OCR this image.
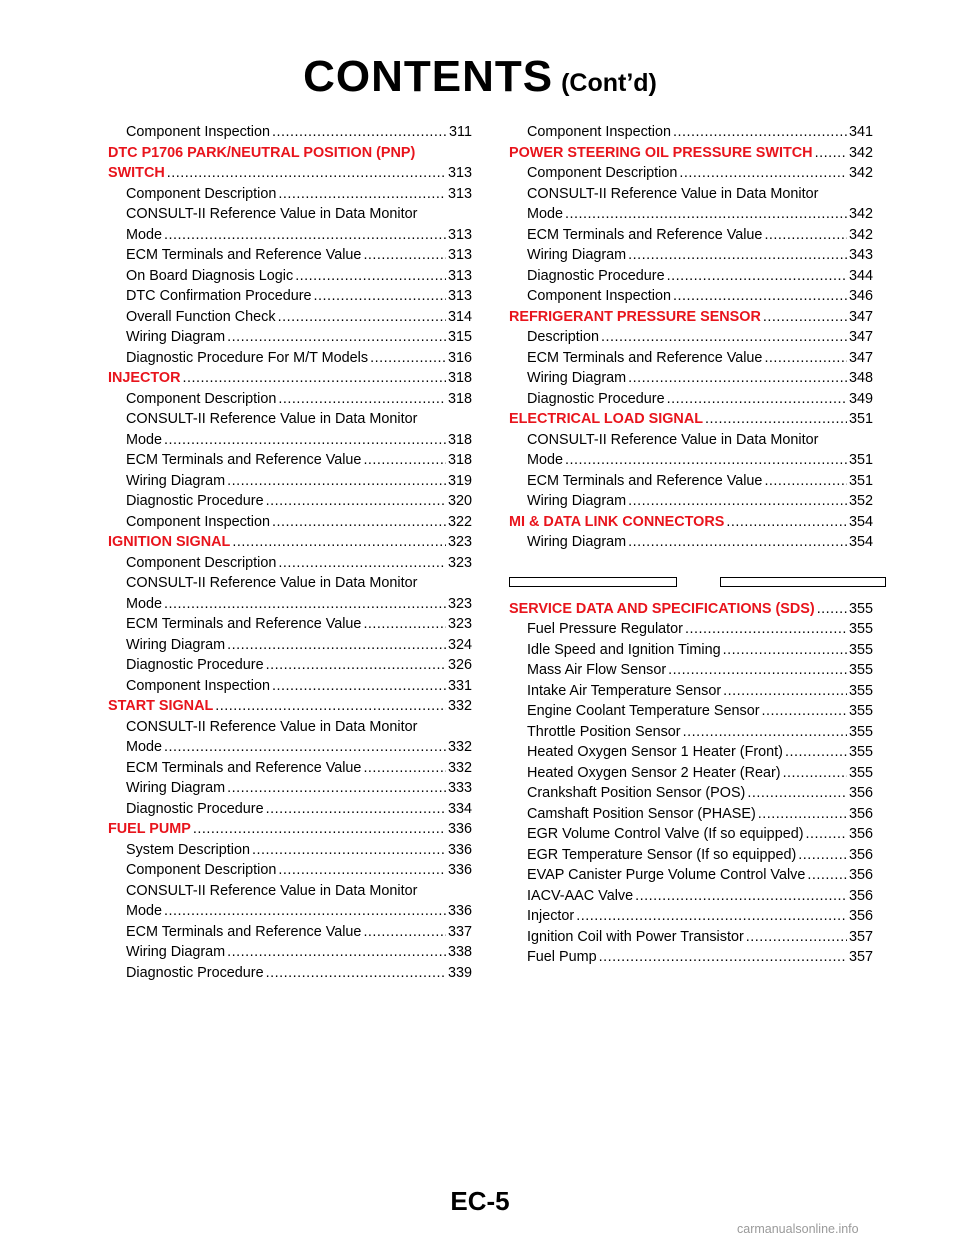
CONTENTS (Cont’d)
Component Inspection .....	311
DTC P1706 PARK/NEUTRAL POSITION (PNP)
SWITCH .....	313
Component Description .....	313
CONSULT-II Reference Value in Data Monitor
Mode .....	313
ECM Terminals and Reference Value .....	313
On Board Diagnosis Logic .....	313
DTC Confirmation Procedure .....	313
Overall Function Check .....	314
Wiring Diagram .....	315
Diagnostic Procedure For M/T Models .....	316
INJECTOR .....	318
Component Description .....	318
CONSULT-II Reference Value in Data Monitor
Mode .....	318
ECM Terminals and Reference Value .....	318
Wiring Diagram .....	319
Diagnostic Procedure .....	320
Component Inspection .....	322
IGNITION SIGNAL .....	323
Component Description .....	323
CONSULT-II Reference Value in Data Monitor
Mode .....	323
ECM Terminals and Reference Value .....	323
Wiring Diagram .....	324
Diagnostic Procedure .....	326
Component Inspection .....	331
START SIGNAL .....	332
CONSULT-II Reference Value in Data Monitor
Mode .....	332
ECM Terminals and Reference Value .....	332
Wiring Diagram .....	333
Diagnostic Procedure .....	334
FUEL PUMP .....	336
System Description .....	336
Component Description .....	336
CONSULT-II Reference Value in Data Monitor
Mode .....	336
ECM Terminals and Reference Value .....	337
Wiring Diagram .....	338
Diagnostic Procedure .....	339
Component Inspection .....	341
POWER STEERING OIL PRESSURE SWITCH .....	342
Component Description .....	342
CONSULT-II Reference Value in Data Monitor
Mode .....	342
ECM Terminals and Reference Value .....	342
Wiring Diagram .....	343
Diagnostic Procedure .....	344
Component Inspection .....	346
REFRIGERANT PRESSURE SENSOR .....	347
Description .....	347
ECM Terminals and Reference Value .....	347
Wiring Diagram .....	348
Diagnostic Procedure .....	349
ELECTRICAL LOAD SIGNAL .....	351
CONSULT-II Reference Value in Data Monitor
Mode .....	351
ECM Terminals and Reference Value .....	351
Wiring Diagram .....	352
MI & DATA LINK CONNECTORS .....	354
Wiring Diagram .....	354
SERVICE DATA AND SPECIFICATIONS (SDS) ..... 355
Fuel Pressure Regulator .....	355
Idle Speed and Ignition Timing .....	355
Mass Air Flow Sensor .....	355
Intake Air Temperature Sensor .....	355
Engine Coolant Temperature Sensor .....	355
Throttle Position Sensor .....	355
Heated Oxygen Sensor 1 Heater (Front) .....	355
Heated Oxygen Sensor 2 Heater (Rear) .....	355
Crankshaft Position Sensor (POS) .....	356
Camshaft Position Sensor (PHASE) .....	356
EGR Volume Control Valve (If so equipped) .....	356
EGR Temperature Sensor (If so equipped) .....	356
EVAP Canister Purge Volume Control Valve .....	356
IACV-AAC Valve .....	356
Injector .....	356
Ignition Coil with Power Transistor .....	357
Fuel Pump .....	357
EC-5
carmanualsonline.info
